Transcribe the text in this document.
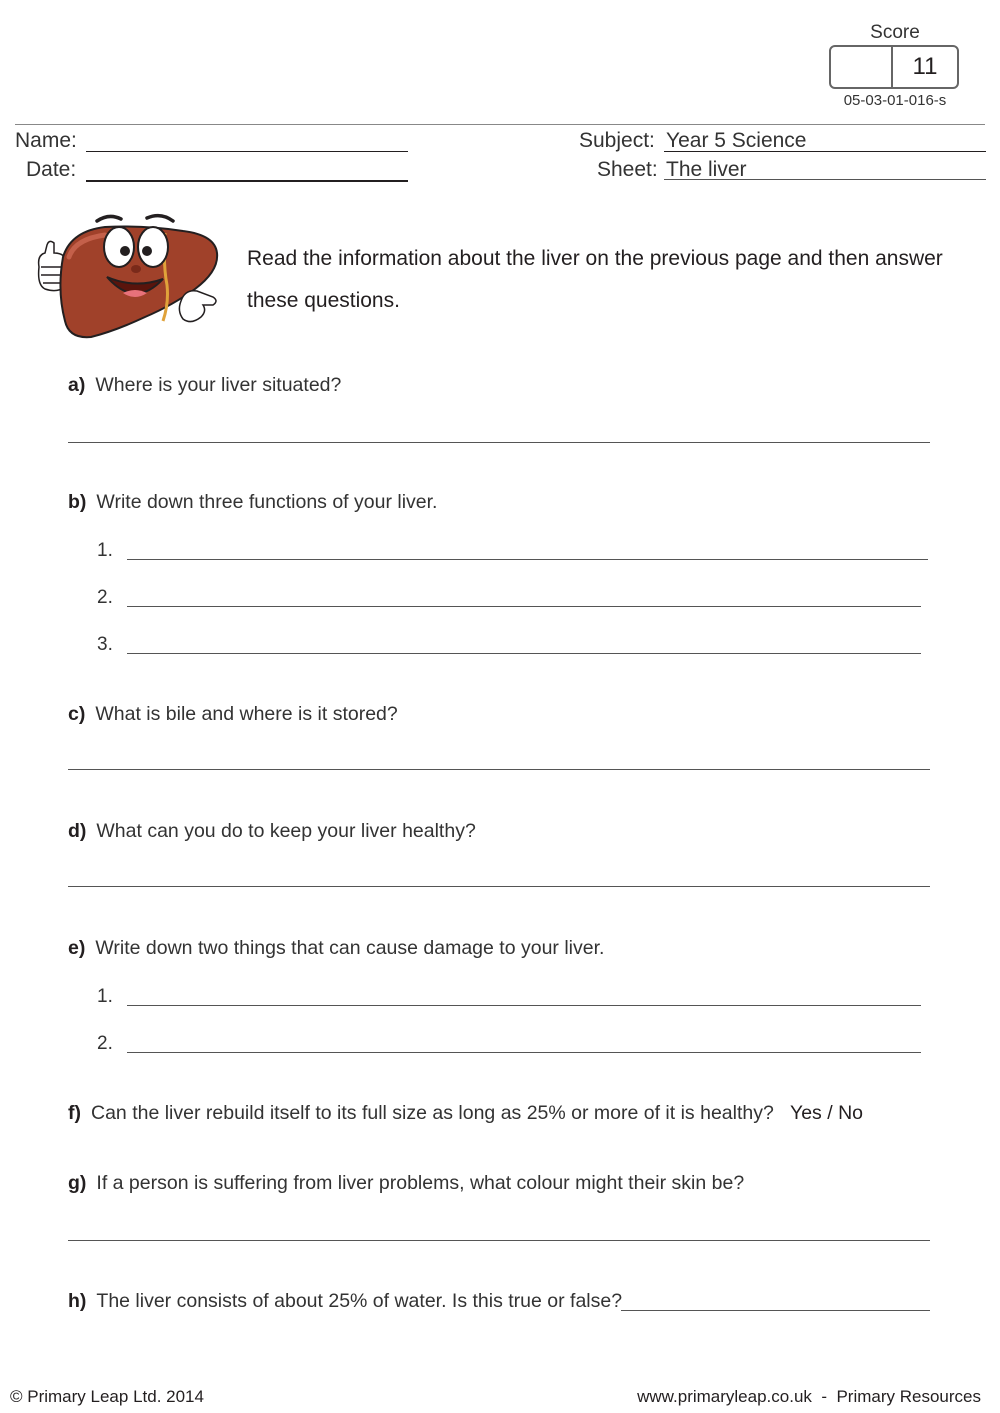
Score
11
05-03-01-016-s
Name:
Date:
Subject: Year 5 Science
Sheet: The liver
Read the information about the liver on the previous page and then answer these questions.
a) Where is your liver situated?
b) Write down three functions of your liver.
1.
2.
3.
c) What is bile and where is it stored?
d) What can you do to keep your liver healthy?
e) Write down two things that can cause damage to your liver.
1.
2.
f) Can the liver rebuild itself to its full size as long as 25% or more of it is healthy? Yes / No
g) If a person is suffering from liver problems, what colour might their skin be?
h) The liver consists of about 25% of water. Is this true or false?
© Primary Leap Ltd. 2014	www.primaryleap.co.uk  -  Primary Resources
